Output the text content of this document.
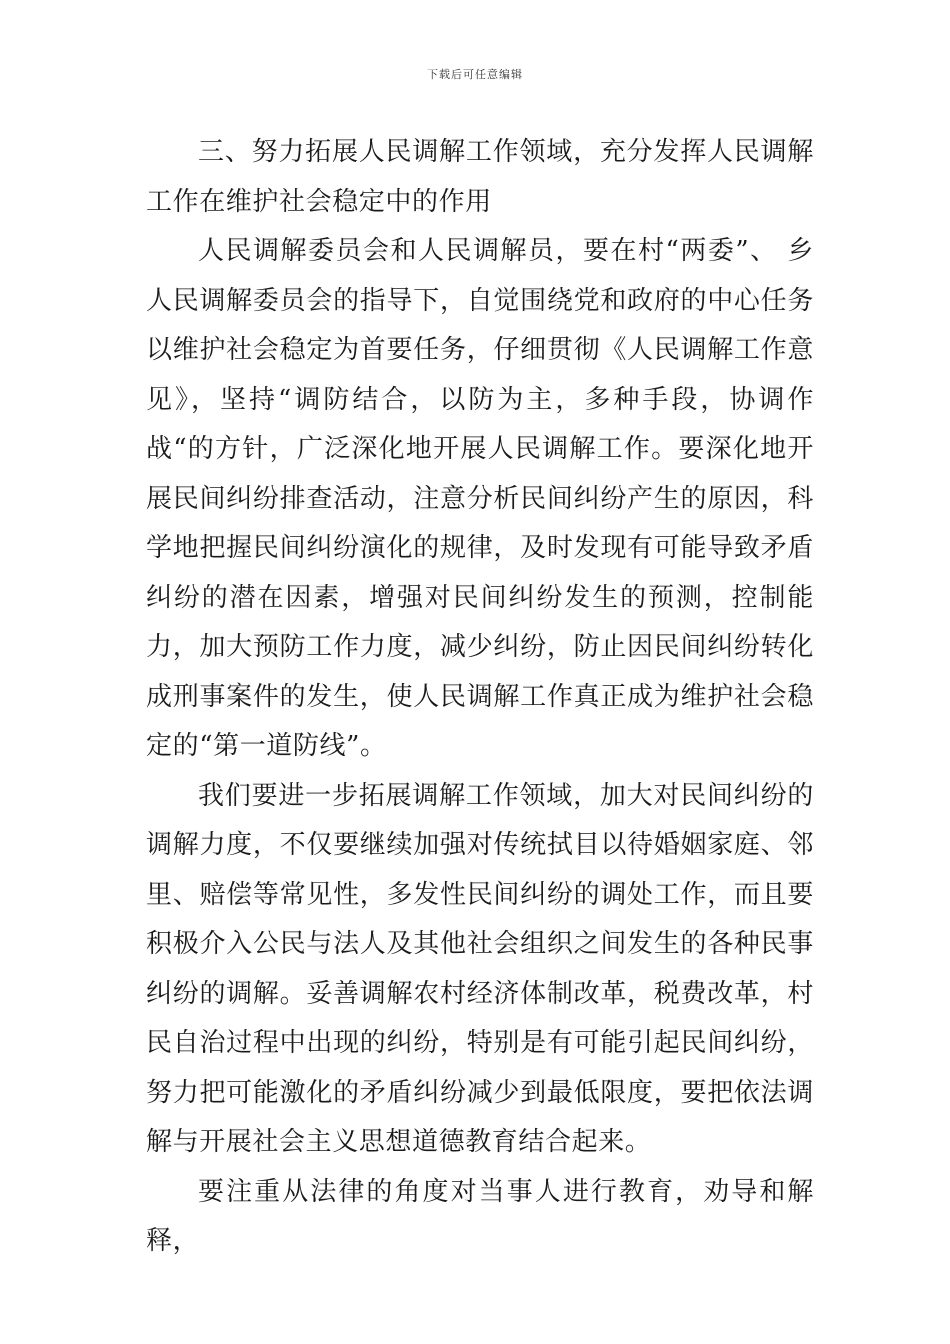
下载后可任意编辑

三、努力拓展人民调解工作领域，充分发挥人民调解工作在维护社会稳定中的作用

人民调解委员会和人民调解员，要在村“两委”、 乡人民调解委员会的指导下，自觉围绕党和政府的中心任务以维护社会稳定为首要任务，仔细贯彻《人民调解工作意见》，坚持“调防结合，以防为主，多种手段，协调作战“的方针，广泛深化地开展人民调解工作。要深化地开展民间纠纷排查活动，注意分析民间纠纷产生的原因，科学地把握民间纠纷演化的规律，及时发现有可能导致矛盾纠纷的潜在因素，增强对民间纠纷发生的预测，控制能力，加大预防工作力度，减少纠纷，防止因民间纠纷转化成刑事案件的发生，使人民调解工作真正成为维护社会稳定的“第一道防线”。

我们要进一步拓展调解工作领域，加大对民间纠纷的调解力度，不仅要继续加强对传统拭目以待婚姻家庭、邻里、赔偿等常见性，多发性民间纠纷的调处工作，而且要积极介入公民与法人及其他社会组织之间发生的各种民事纠纷的调解。妥善调解农村经济体制改革，税费改革，村民自治过程中出现的纠纷，特别是有可能引起民间纠纷，努力把可能激化的矛盾纠纷减少到最低限度，要把依法调解与开展社会主义思想道德教育结合起来。

要注重从法律的角度对当事人进行教育，劝导和解释，
